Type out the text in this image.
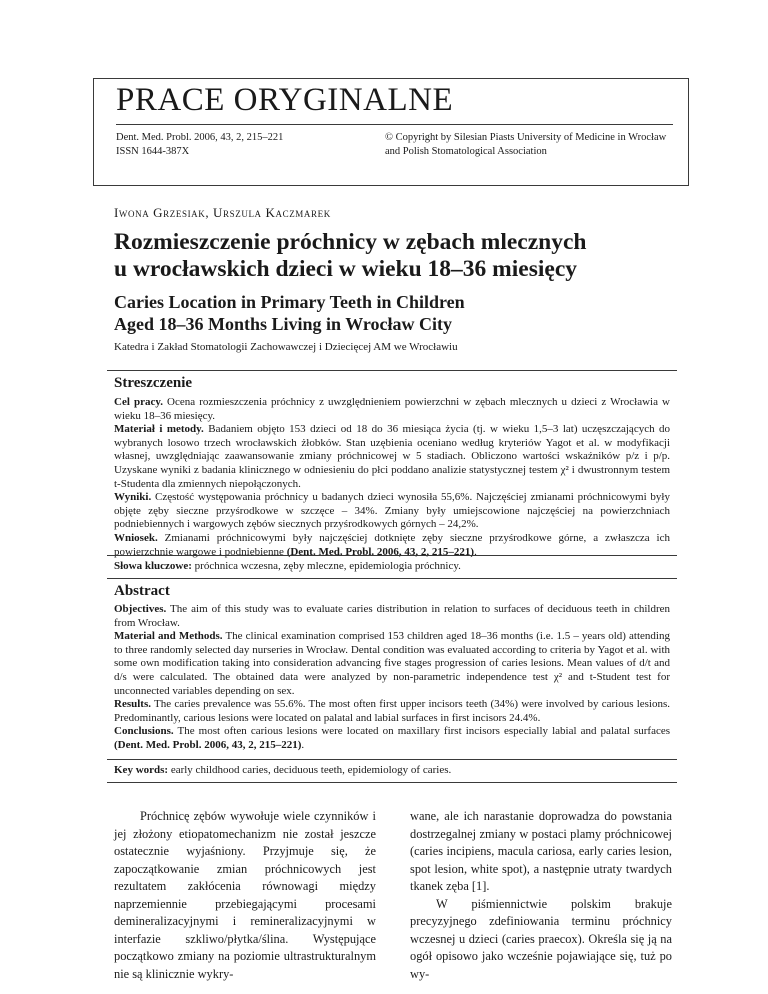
PRACE ORYGINALNE
Dent. Med. Probl. 2006, 43, 2, 215–221
ISSN 1644-387X
© Copyright by Silesian Piasts University of Medicine in Wrocław
and Polish Stomatological Association
Iwona Grzesiak, Urszula Kaczmarek
Rozmieszczenie próchnicy w zębach mlecznych
u wrocławskich dzieci w wieku 18–36 miesięcy
Caries Location in Primary Teeth in Children
Aged 18–36 Months Living in Wrocław City
Katedra i Zakład Stomatologii Zachowawczej i Dziecięcej AM we Wrocławiu
Streszczenie

Cel pracy. Ocena rozmieszczenia próchnicy z uwzględnieniem powierzchni w zębach mlecznych u dzieci z Wrocławia w wieku 18–36 miesięcy.

Materiał i metody. Badaniem objęto 153 dzieci od 18 do 36 miesiąca życia (tj. w wieku 1,5–3 lat) uczęszczających do wybranych losowo trzech wrocławskich żłobków. Stan uzębienia oceniano według kryteriów Yagot et al. w modyfikacji własnej, uwzględniając zaawansowanie zmiany próchnicowej w 5 stadiach. Obliczono wartości wskaźników p/z i p/p. Uzyskane wyniki z badania klinicznego w odniesieniu do płci poddano analizie statystycznej testem χ² i dwustronnym testem t-Studenta dla zmiennych niepołączonych.

Wyniki. Częstość występowania próchnicy u badanych dzieci wynosiła 55,6%. Najczęściej zmianami próchnicowymi były objęte zęby sieczne przyśrodkowe w szczęce – 34%. Zmiany były umiejscowione najczęściej na powierzchniach podniebiennych i wargowych zębów siecznych przyśrodkowych górnych – 24,2%.

Wniosek. Zmianami próchnicowymi były najczęściej dotknięte zęby sieczne przyśrodkowe górne, a zwłaszcza ich powierzchnie wargowe i podniebienne (Dent. Med. Probl. 2006, 43, 2, 215–221).

Słowa kluczowe: próchnica wczesna, zęby mleczne, epidemiologia próchnicy.
Abstract

Objectives. The aim of this study was to evaluate caries distribution in relation to surfaces of deciduous teeth in children from Wrocław.

Material and Methods. The clinical examination comprised 153 children aged 18–36 months (i.e. 1.5 – years old) attending to three randomly selected day nurseries in Wrocław. Dental condition was evaluated according to criteria by Yagot et al. with some own modification taking into consideration advancing five stages progression of caries lesions. Mean values of d/t and d/s were calculated. The obtained data were analyzed by non-parametric independence test χ² and t-Student test for unconnected variables depending on sex.

Results. The caries prevalence was 55.6%. The most often first upper incisors teeth (34%) were involved by carious lesions. Predominantly, carious lesions were located on palatal and labial surfaces in first incisors 24.4%.

Conclusions. The most often carious lesions were located on maxillary first incisors especially labial and palatal surfaces (Dent. Med. Probl. 2006, 43, 2, 215–221).

Key words: early childhood caries, deciduous teeth, epidemiology of caries.

Próchnicę zębów wywołuje wiele czynników i jej złożony etiopatomechanizm nie został jeszcze ostatecznie wyjaśniony. Przyjmuje się, że zapoczątkowanie zmian próchnicowych jest rezultatem zakłócenia równowagi między naprzemiennie przebiegającymi procesami demineralizacyjnymi i remineralizacyjnymi w interfazie szkliwo/płytka/ślina. Występujące początkowo zmiany na poziomie ultrastrukturalnym nie są klinicznie wykry-

wane, ale ich narastanie doprowadza do powstania dostrzegalnej zmiany w postaci plamy próchnicowej (caries incipiens, macula cariosa, early caries lesion, spot lesion, white spot), a następnie utraty twardych tkanek zęba [1].

W piśmiennictwie polskim brakuje precyzyjnego zdefiniowania terminu próchnicy wczesnej u dzieci (caries praecox). Określa się ją na ogół opisowo jako wcześnie pojawiające się, tuż po wy-
